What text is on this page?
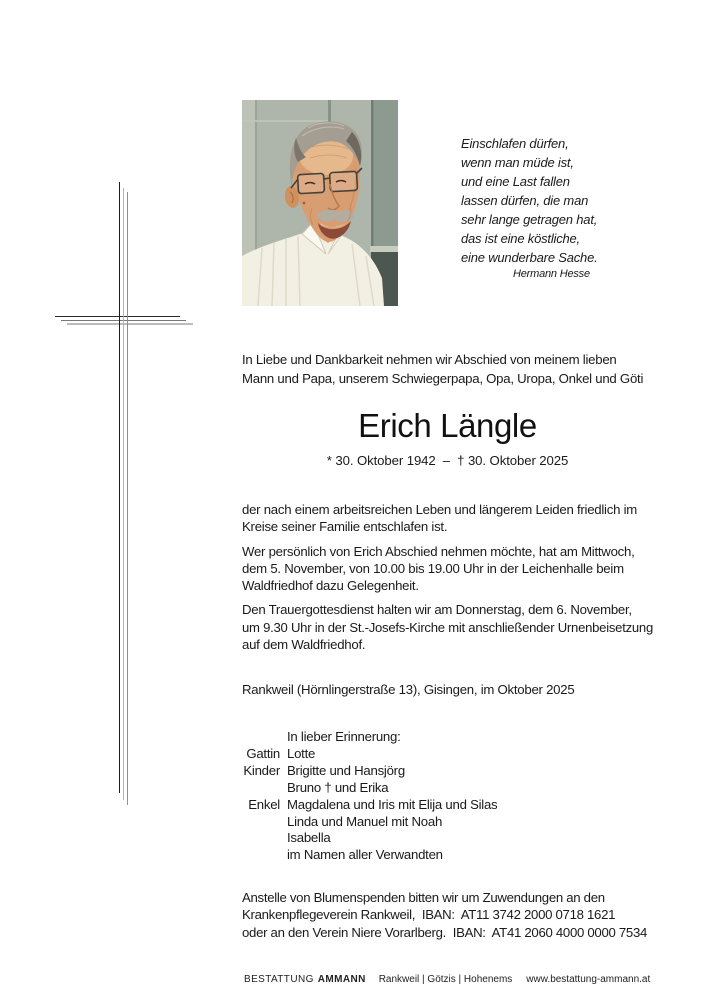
Einschlafen dürfen,
wenn man müde ist,
und eine Last fallen
lassen dürfen, die man
sehr lange getragen hat,
das ist eine köstliche,
eine wunderbare Sache.
Hermann Hesse
In Liebe und Dankbarkeit nehmen wir Abschied von meinem lieben
Mann und Papa, unserem Schwiegerpapa, Opa, Uropa, Onkel und Göti
Erich Längle
* 30. Oktober 1942  –  † 30. Oktober 2025
der nach einem arbeitsreichen Leben und längerem Leiden friedlich im
Kreise seiner Familie entschlafen ist.
Wer persönlich von Erich Abschied nehmen möchte, hat am Mittwoch,
dem 5. November, von 10.00 bis 19.00 Uhr in der Leichenhalle beim
Waldfriedhof dazu Gelegenheit.
Den Trauergottesdienst halten wir am Donnerstag, dem 6. November,
um 9.30 Uhr in der St.-Josefs-Kirche mit anschließender Urnenbeisetzung
auf dem Waldfriedhof.
Rankweil (Hörnlingerstraße 13), Gisingen, im Oktober 2025
In lieber Erinnerung:
Gattin Lotte
Kinder Brigitte und Hansjörg
Bruno † und Erika
Enkel Magdalena und Iris mit Elija und Silas
Linda und Manuel mit Noah
Isabella
im Namen aller Verwandten
Anstelle von Blumenspenden bitten wir um Zuwendungen an den
Krankenpflegeverein Rankweil,  IBAN:  AT11 3742 2000 0718 1621
oder an den Verein Niere Vorarlberg.  IBAN:  AT41 2060 4000 0000 7534
BESTATTUNG AMMANN Rankweil | Götzis | Hohenems www.bestattung-ammann.at
